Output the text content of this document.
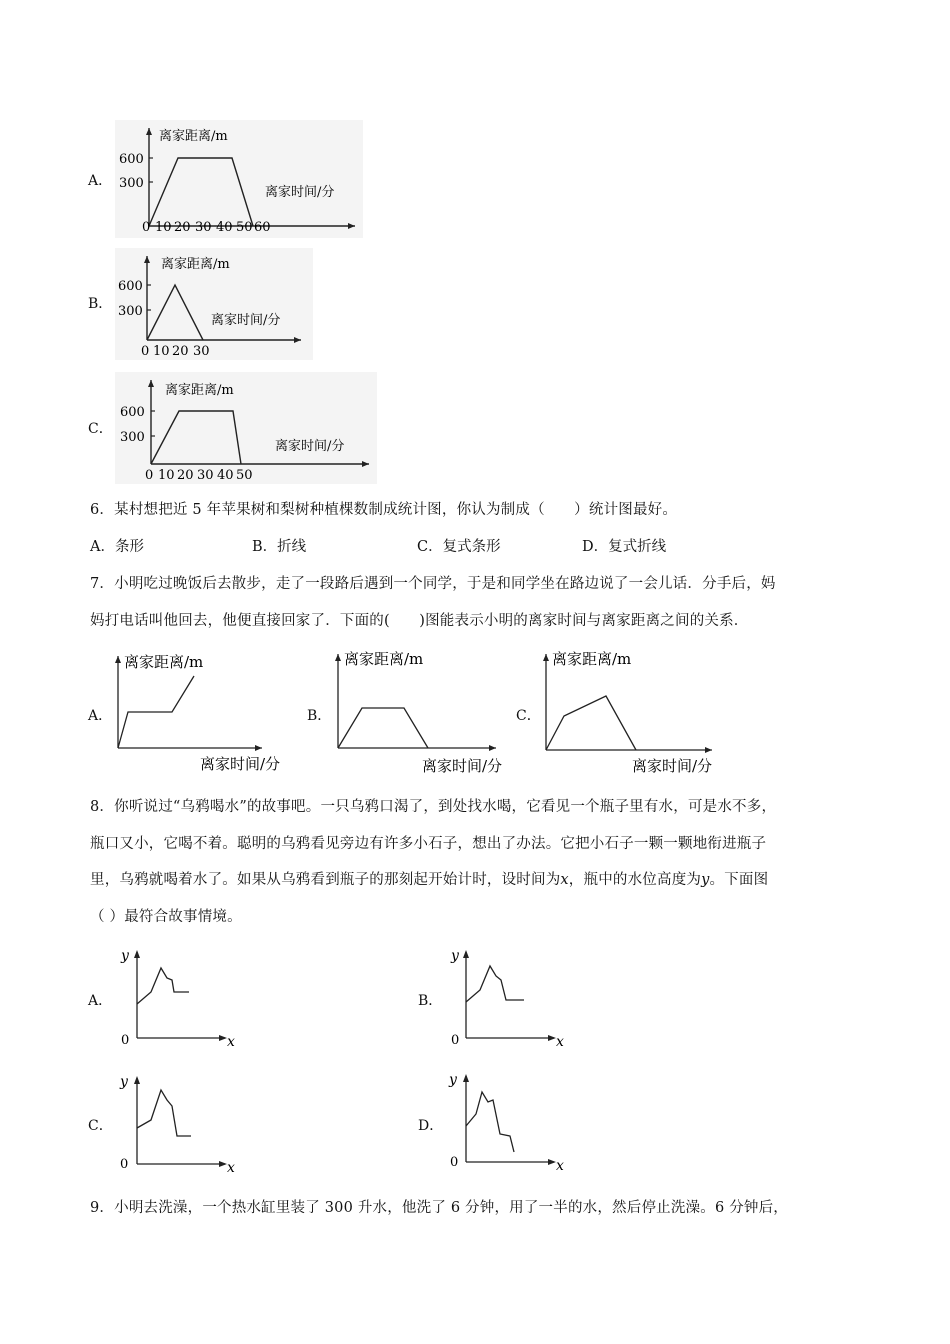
A．
离家距离/m
离家时间/分
600
300
0 10 20 30 40 50 60
B．
离家距离/m
离家时间/分
600
300
0 10 20 30
C．
离家距离/m
离家时间/分
600
300
0 10 20 30 40 50
6．某村想把近 5 年苹果树和梨树种植棵数制成统计图，你认为制成（　　）统计图最好。
A．条形	B．折线	C．复式条形	D．复式折线
7．小明吃过晚饭后去散步，走了一段路后遇到一个同学，于是和同学坐在路边说了一会儿话．分手后，妈
妈打电话叫他回去，他便直接回家了．下面的(　　)图能表示小明的离家时间与离家距离之间的关系．
A．
离家距离/m
离家时间/分
B．
离家距离/m
离家时间/分
C．
离家距离/m
离家时间/分
8．你听说过“乌鸦喝水”的故事吧。一只乌鸦口渴了，到处找水喝，它看见一个瓶子里有水，可是水不多，
瓶口又小，它喝不着。聪明的乌鸦看见旁边有许多小石子，想出了办法。它把小石子一颗一颗地衔进瓶子
里，乌鸦就喝着水了。如果从乌鸦看到瓶子的那刻起开始计时，设时间为x，瓶中的水位高度为y。下面图
（ ）最符合故事情境。
A．
y
x
0
B．
y
x
0
C．
y
x
0
D．
y
x
0
9．小明去洗澡，一个热水缸里装了 300 升水，他洗了 6 分钟，用了一半的水，然后停止洗澡。6 分钟后，
